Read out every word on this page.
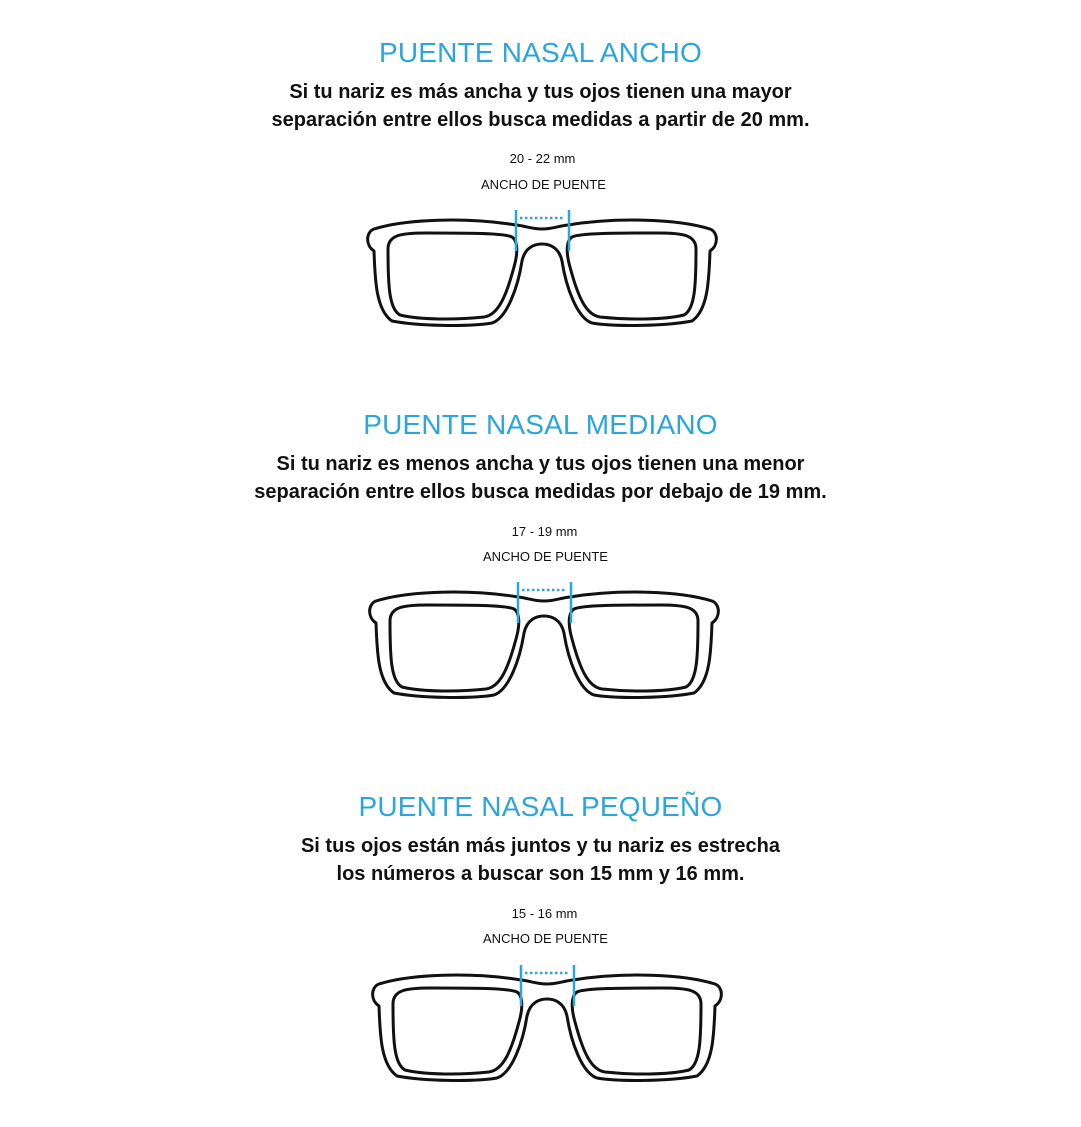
PUENTE NASAL ANCHO

Si tu nariz es más ancha y tus ojos tienen una mayor
separación entre ellos busca medidas a partir de 20 mm.

20 - 22 mm

ANCHO DE PUENTE

PUENTE NASAL MEDIANO

Si tu nariz es menos ancha y tus ojos tienen una menor
separación entre ellos busca medidas por debajo de 19 mm.

17 - 19 mm

ANCHO DE PUENTE

PUENTE NASAL PEQUEÑO

Si tus ojos están más juntos y tu nariz es estrecha
los números a buscar son 15 mm y 16 mm.

15 - 16 mm

ANCHO DE PUENTE
